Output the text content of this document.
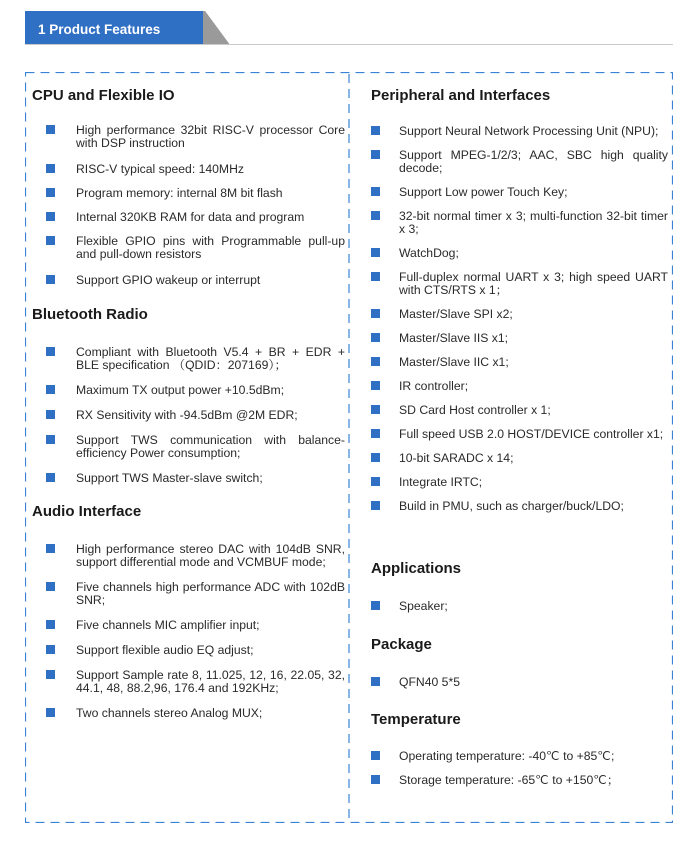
1 Product Features
CPU and Flexible IO
High performance 32bit RISC-V processor Core with DSP instruction
RISC-V typical speed: 140MHz
Program memory: internal 8M bit flash
Internal 320KB RAM for data and program
Flexible GPIO pins with Programmable pull-up and pull-down resistors
Support GPIO wakeup or interrupt
Bluetooth Radio
Compliant with Bluetooth V5.4 + BR + EDR + BLE specification （QDID：207169）；
Maximum TX output power +10.5dBm;
RX Sensitivity with -94.5dBm @2M EDR;
Support TWS communication with balance-efficiency Power consumption;
Support TWS Master-slave switch;
Audio Interface
High performance stereo DAC with 104dB SNR, support differential mode and VCMBUF mode;
Five channels high performance ADC with 102dB SNR;
Five channels MIC amplifier input;
Support flexible audio EQ adjust;
Support Sample rate 8, 11.025, 12, 16, 22.05, 32, 44.1, 48, 88.2,96, 176.4 and 192KHz;
Two channels stereo Analog MUX;
Peripheral and Interfaces
Support Neural Network Processing Unit (NPU);
Support MPEG-1/2/3; AAC, SBC high quality decode;
Support Low power Touch Key;
32-bit normal timer x 3; multi-function 32-bit timer x 3;
WatchDog;
Full-duplex normal UART x 3; high speed UART with CTS/RTS x 1；
Master/Slave SPI x2;
Master/Slave IIS x1;
Master/Slave IIC x1;
IR controller;
SD Card Host controller x 1;
Full speed USB 2.0 HOST/DEVICE controller x1;
10-bit SARADC x 14;
Integrate IRTC;
Build in PMU, such as charger/buck/LDO;
Applications
Speaker;
Package
QFN40 5*5
Temperature
Operating temperature: -40℃ to +85℃;
Storage temperature: -65℃ to +150℃；
